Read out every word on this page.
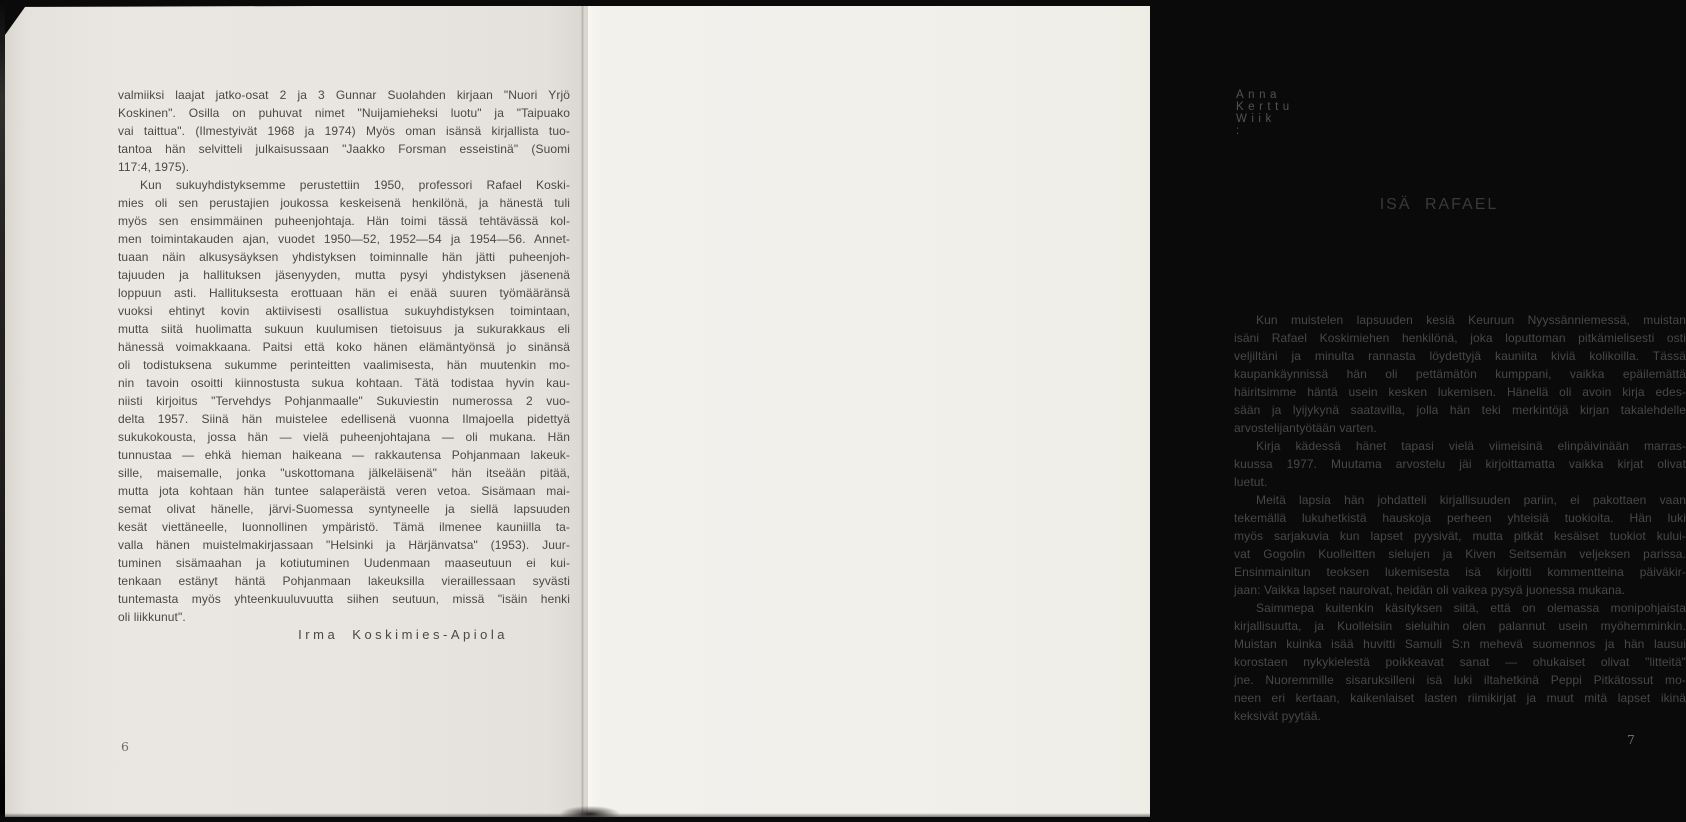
valmiiksi laajat jatko-osat 2 ja 3 Gunnar Suolahden kirjaan "Nuori Yrjö
Koskinen". Osilla on puhuvat nimet "Nuijamieheksi luotu" ja "Taipuako
vai taittua". (Ilmestyivät 1968 ja 1974) Myös oman isänsä kirjallista tuo-
tantoa hän selvitteli julkaisussaan "Jaakko Forsman esseistinä" (Suomi
117:4, 1975).
Kun sukuyhdistyksemme perustettiin 1950, professori Rafael Koski-
mies oli sen perustajien joukossa keskeisenä henkilönä, ja hänestä tuli
myös sen ensimmäinen puheenjohtaja. Hän toimi tässä tehtävässä kol-
men toimintakauden ajan, vuodet 1950—52, 1952—54 ja 1954—56. Annet-
tuaan näin alkusysäyksen yhdistyksen toiminnalle hän jätti puheenjoh-
tajuuden ja hallituksen jäsenyyden, mutta pysyi yhdistyksen jäsenenä
loppuun asti. Hallituksesta erottuaan hän ei enää suuren työmääränsä
vuoksi ehtinyt kovin aktiivisesti osallistua sukuyhdistyksen toimintaan,
mutta siitä huolimatta sukuun kuulumisen tietoisuus ja sukurakkaus eli
hänessä voimakkaana. Paitsi että koko hänen elämäntyönsä jo sinänsä
oli todistuksena sukumme perinteitten vaalimisesta, hän muutenkin mo-
nin tavoin osoitti kiinnostusta sukua kohtaan. Tätä todistaa hyvin kau-
niisti kirjoitus "Tervehdys Pohjanmaalle" Sukuviestin numerossa 2 vuo-
delta 1957. Siinä hän muistelee edellisenä vuonna Ilmajoella pidettyä
sukukokousta, jossa hän — vielä puheenjohtajana — oli mukana. Hän
tunnustaa — ehkä hieman haikeana — rakkautensa Pohjanmaan lakeuk-
sille, maisemalle, jonka "uskottomana jälkeläisenä" hän itseään pitää,
mutta jota kohtaan hän tuntee salaperäistä veren vetoa. Sisämaan mai-
semat olivat hänelle, järvi-Suomessa syntyneelle ja siellä lapsuuden
kesät viettäneelle, luonnollinen ympäristö. Tämä ilmenee kauniilla ta-
valla hänen muistelmakirjassaan "Helsinki ja Härjänvatsa" (1953). Juur-
tuminen sisämaahan ja kotiutuminen Uudenmaan maaseutuun ei kui-
tenkaan estänyt häntä Pohjanmaan lakeuksilla vieraillessaan syvästi
tuntemasta myös yhteenkuuluvuutta siihen seutuun, missä "isäin henki
oli liikkunut".
Irma Koskimies-Apiola
6
Anna Kerttu Wiik :
ISÄ RAFAEL
Kun muistelen lapsuuden kesiä Keuruun Nyyssänniemessä, muistan
isäni Rafael Koskimiehen henkilönä, joka loputtoman pitkämielisesti osti
veljiltäni ja minulta rannasta löydettyjä kauniita kiviä kolikoilla. Tässä
kaupankäynnissä hän oli pettämätön kumppani, vaikka epäilemättä
häiritsimme häntä usein kesken lukemisen. Hänellä oli avoin kirja edes-
sään ja lyijykynä saatavilla, jolla hän teki merkintöjä kirjan takalehdelle
arvostelijantyötään varten.
Kirja kädessä hänet tapasi vielä viimeisinä elinpäivinään marras-
kuussa 1977. Muutama arvostelu jäi kirjoittamatta vaikka kirjat olivat
luetut.
Meitä lapsia hän johdatteli kirjallisuuden pariin, ei pakottaen vaan
tekemällä lukuhetkistä hauskoja perheen yhteisiä tuokioita. Hän luki
myös sarjakuvia kun lapset pyysivät, mutta pitkät kesäiset tuokiot kului-
vat Gogolin Kuolleitten sielujen ja Kiven Seitsemän veljeksen parissa.
Ensinmainitun teoksen lukemisesta isä kirjoitti kommentteina päiväkir-
jaan: Vaikka lapset nauroivat, heidän oli vaikea pysyä juonessa mukana.
Saimmepa kuitenkin käsityksen siitä, että on olemassa monipohjaista
kirjallisuutta, ja Kuolleisiin sieluihin olen palannut usein myöhemminkin.
Muistan kuinka isää huvitti Samuli S:n mehevä suomennos ja hän lausui
korostaen nykykielestä poikkeavat sanat — ohukaiset olivat "litteitä"
jne. Nuoremmille sisaruksilleni isä luki iltahetkinä Peppi Pitkätossut mo-
neen eri kertaan, kaikenlaiset lasten riimikirjat ja muut mitä lapset ikinä
keksivät pyytää.
7
